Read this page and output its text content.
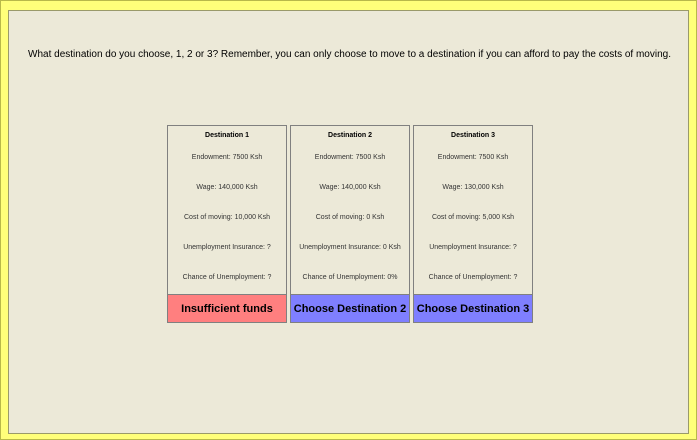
What destination do you choose, 1, 2 or 3? Remember, you can only choose to move to a destination if you can afford to pay the costs of moving.
Destination 1
Endowment: 7500 Ksh
Wage: 140,000 Ksh
Cost of moving: 10,000 Ksh
Unemployment Insurance: ?
Chance of Unemployment: ?
Insufficient funds
Destination 2
Endowment: 7500 Ksh
Wage: 140,000 Ksh
Cost of moving: 0 Ksh
Unemployment Insurance: 0 Ksh
Chance of Unemployment: 0%
Choose Destination 2
Destination 3
Endowment: 7500 Ksh
Wage: 130,000 Ksh
Cost of moving: 5,000 Ksh
Unemployment Insurance: ?
Chance of Unemployment: ?
Choose Destination 3
